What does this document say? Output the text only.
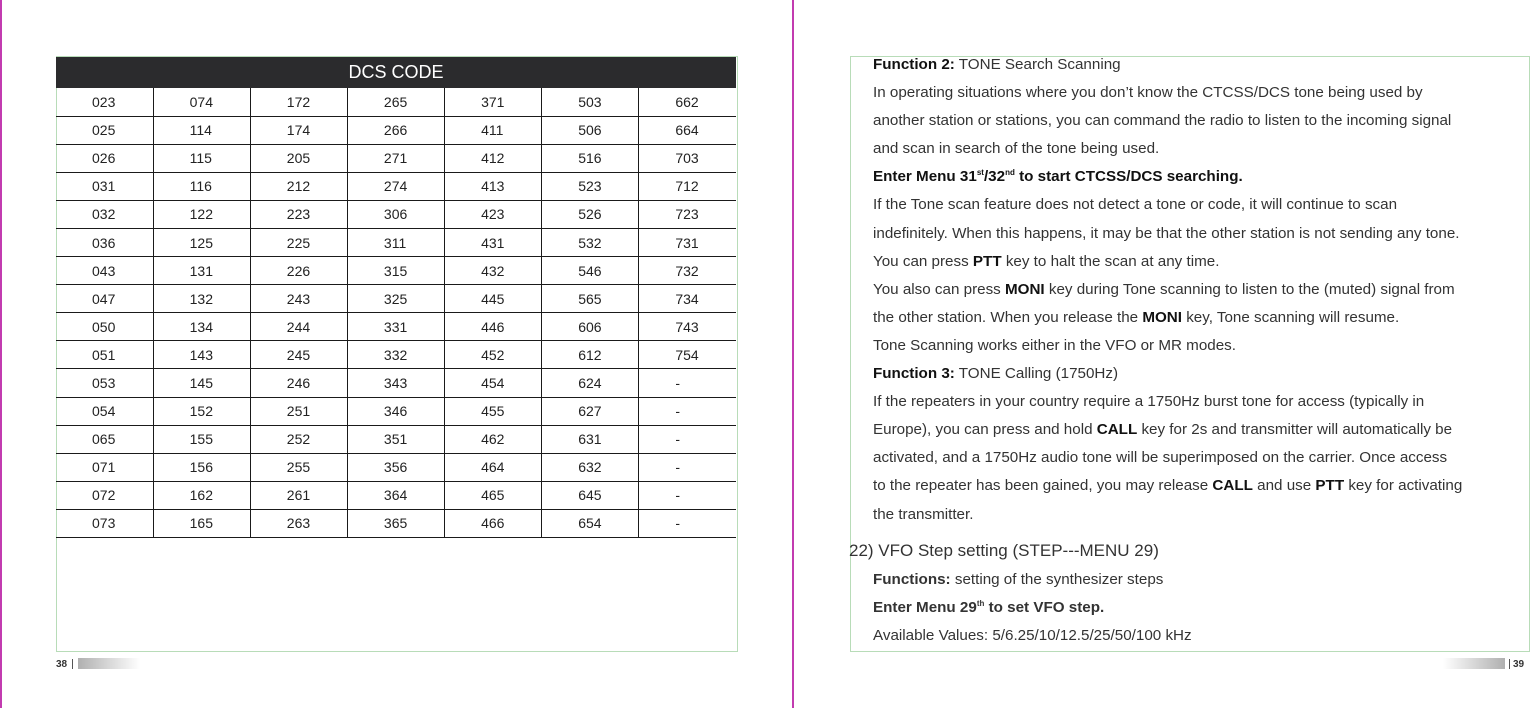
DCS CODE						
023	074	172	265	371	503	662
025	114	174	266	411	506	664
026	115	205	271	412	516	703
031	116	212	274	413	523	712
032	122	223	306	423	526	723
036	125	225	311	431	532	731
043	131	226	315	432	546	732
047	132	243	325	445	565	734
050	134	244	331	446	606	743
051	143	245	332	452	612	754
053	145	246	343	454	624	-
054	152	251	346	455	627	-
065	155	252	351	462	631	-
071	156	255	356	464	632	-
072	162	261	364	465	645	-
073	165	263	365	466	654	-
Function 2: TONE Search Scanning
In operating situations where you don’t know the CTCSS/DCS tone being used by
another station or stations, you can command the radio to listen to the incoming signal
and scan in search of the tone being used.
Enter Menu 31st/32nd to start CTCSS/DCS searching.
If the Tone scan feature does not detect a tone or code, it will continue to scan
indefinitely. When this happens, it may be that the other station is not sending any tone.
You can press PTT key to halt the scan at any time.
You also can press MONI key during Tone scanning to listen to the (muted) signal from
the other station. When you release the MONI key, Tone scanning will resume.
Tone Scanning works either in the VFO or MR modes.
Function 3: TONE Calling (1750Hz)
If the repeaters in your country require a 1750Hz burst tone for access (typically in
Europe), you can press and hold CALL key for 2s and transmitter will automatically be
activated, and a 1750Hz audio tone will be superimposed on the carrier. Once access
to the repeater has been gained, you may release CALL and use PTT key for activating
the transmitter.
22) VFO Step setting (STEP---MENU 29)
Functions: setting of the synthesizer steps
Enter Menu 29th to set VFO step.
Available Values: 5/6.25/10/12.5/25/50/100 kHz
38	39
